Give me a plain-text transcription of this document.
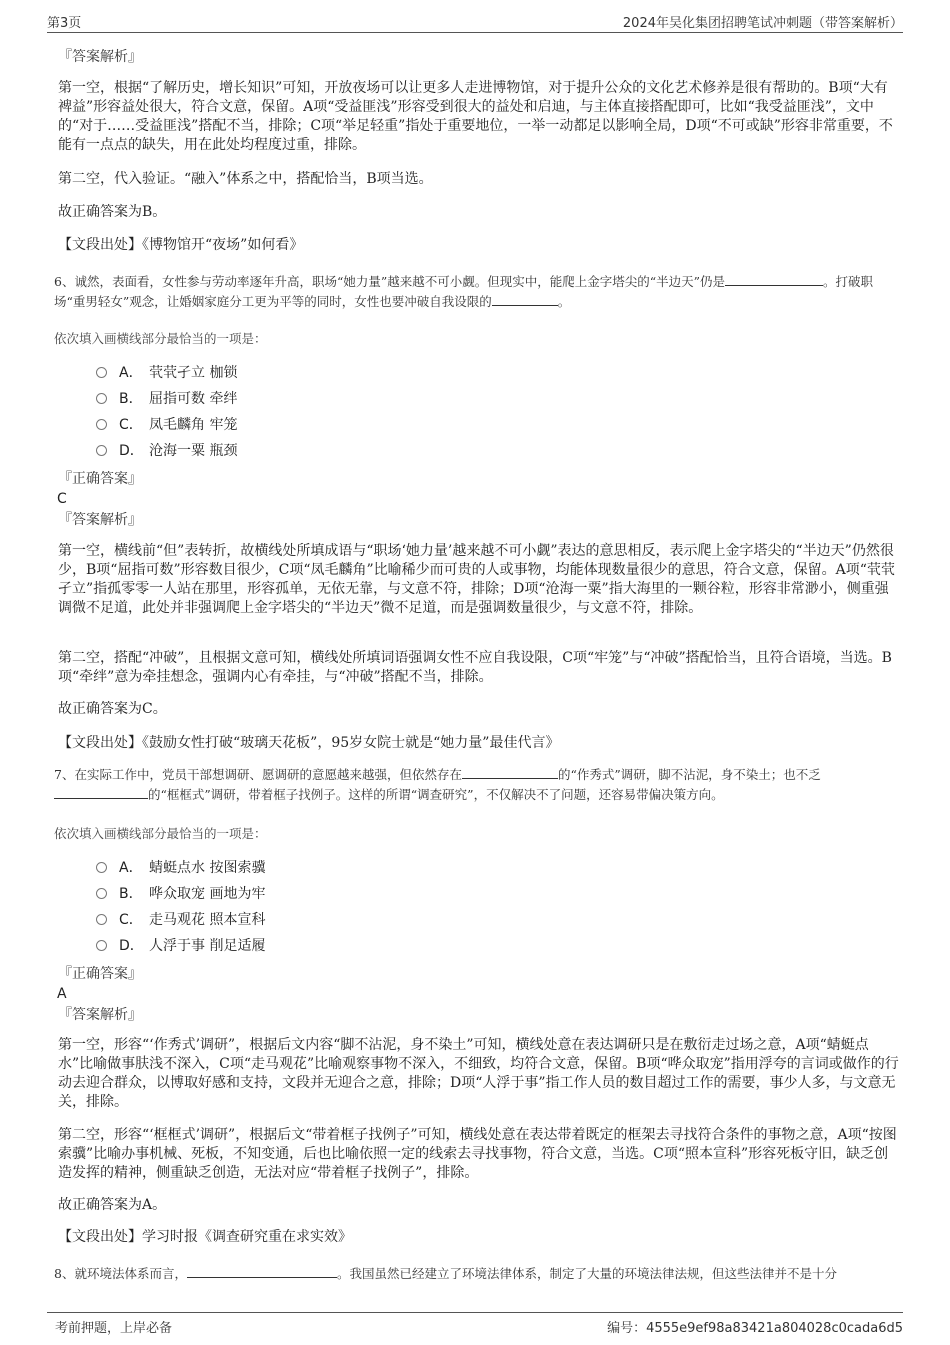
第3页	2024年吴化集团招聘笔试冲刺题（带答案解析）
『答案解析』

第一空，根据“了解历史，增长知识”可知，开放夜场可以让更多人走进博物馆，对于提升公众的文化艺术修养是很有帮助的。B项“大有裨益”形容益处很大，符合文意，保留。A项“受益匪浅”形容受到很大的益处和启迪，与主体直接搭配即可，比如“我受益匪浅”，文中的“对于……受益匪浅”搭配不当，排除；C项“举足轻重”指处于重要地位，一举一动都足以影响全局，D项“不可或缺”形容非常重要，不能有一点点的缺失，用在此处均程度过重，排除。

第二空，代入验证。“融入”体系之中，搭配恰当，B项当选。

故正确答案为B。

【文段出处】《博物馆开“夜场”如何看》

6、诚然，表面看，女性参与劳动率逐年升高，职场“她力量”越来越不可小觑。但现实中，能爬上金字塔尖的“半边天”仍是	。打破职场“重男轻女”观念，让婚姻家庭分工更为平等的同时，女性也要冲破自我设限的	。

依次填入画横线部分最恰当的一项是：
A． 茕茕孑立 枷锁
B． 屈指可数 牵绊
C． 凤毛麟角 牢笼
D． 沧海一粟 瓶颈
『正确答案』
C
『答案解析』

第一空，横线前“但”表转折，故横线处所填成语与“职场‘她力量’越来越不可小觑”表达的意思相反，表示爬上金字塔尖的“半边天”仍然很少，B项“屈指可数”形容数目很少，C项“凤毛麟角”比喻稀少而可贵的人或事物，均能体现数量很少的意思，符合文意，保留。A项“茕茕孑立”指孤零零一人站在那里，形容孤单，无依无靠，与文意不符，排除；D项“沧海一粟”指大海里的一颗谷粒，形容非常渺小，侧重强调微不足道，此处并非强调爬上金字塔尖的“半边天”微不足道，而是强调数量很少，与文意不符，排除。

第二空，搭配“冲破”，且根据文意可知，横线处所填词语强调女性不应自我设限，C项“牢笼”与“冲破”搭配恰当，且符合语境，当选。B项“牵绊”意为牵挂想念，强调内心有牵挂，与“冲破”搭配不当，排除。

故正确答案为C。

【文段出处】《鼓励女性打破“玻璃天花板”，95岁女院士就是“她力量”最佳代言》

7、在实际工作中，党员干部想调研、愿调研的意愿越来越强，但依然存在	的“作秀式”调研，脚不沾泥，身不染土；也不乏的“框框式”调研，带着框子找例子。这样的所谓“调查研究”，不仅解决不了问题，还容易带偏决策方向。

依次填入画横线部分最恰当的一项是：
A． 蜻蜓点水 按图索骥
B． 哗众取宠 画地为牢
C． 走马观花 照本宣科
D． 人浮于事 削足适履
『正确答案』
A
『答案解析』

第一空，形容“‘作秀式’调研”，根据后文内容“脚不沾泥，身不染土”可知，横线处意在表达调研只是在敷衍走过场之意，A项“蜻蜓点水”比喻做事肤浅不深入，C项“走马观花”比喻观察事物不深入，不细致，均符合文意，保留。B项“哗众取宠”指用浮夸的言词或做作的行动去迎合群众，以博取好感和支持，文段并无迎合之意，排除；D项“人浮于事”指工作人员的数目超过工作的需要，事少人多，与文意无关，排除。

第二空，形容“‘框框式’调研”，根据后文“带着框子找例子”可知，横线处意在表达带着既定的框架去寻找符合条件的事物之意，A项“按图索骥”比喻办事机械、死板，不知变通，后也比喻依照一定的线索去寻找事物，符合文意，当选。C项“照本宣科”形容死板守旧，缺乏创造发挥的精神，侧重缺乏创造，无法对应“带着框子找例子”，排除。

故正确答案为A。

【文段出处】学习时报《调查研究重在求实效》

8、就环境法体系而言，	。我国虽然已经建立了环境法律体系，制定了大量的环境法律法规，但这些法律并不是十分

考前押题，上岸必备	编号：4555e9ef98a83421a804028c0cada6d5
